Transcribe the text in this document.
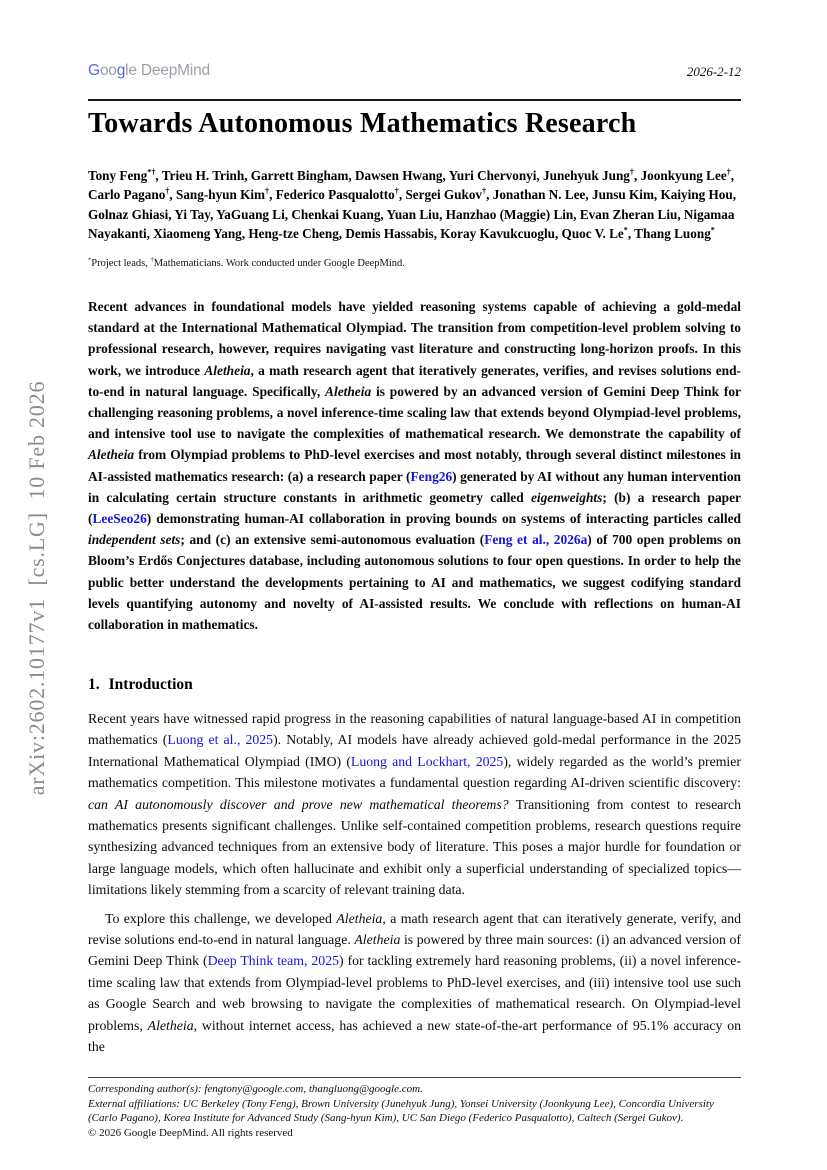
arXiv:2602.10177v1  [cs.LG]  10 Feb 2026
Google DeepMind	2026-2-12
Towards Autonomous Mathematics Research
Tony Feng*†, Trieu H. Trinh, Garrett Bingham, Dawsen Hwang, Yuri Chervonyi, Junehyuk Jung†, Joonkyung Lee†, Carlo Pagano†, Sang-hyun Kim†, Federico Pasqualotto†, Sergei Gukov†, Jonathan N. Lee, Junsu Kim, Kaiying Hou, Golnaz Ghiasi, Yi Tay, YaGuang Li, Chenkai Kuang, Yuan Liu, Hanzhao (Maggie) Lin, Evan Zheran Liu, Nigamaa Nayakanti, Xiaomeng Yang, Heng-tze Cheng, Demis Hassabis, Koray Kavukcuoglu, Quoc V. Le*, Thang Luong*
*Project leads, †Mathematicians. Work conducted under Google DeepMind.
Recent advances in foundational models have yielded reasoning systems capable of achieving a gold-medal standard at the International Mathematical Olympiad. The transition from competition-level problem solving to professional research, however, requires navigating vast literature and constructing long-horizon proofs. In this work, we introduce Aletheia, a math research agent that iteratively generates, verifies, and revises solutions end-to-end in natural language. Specifically, Aletheia is powered by an advanced version of Gemini Deep Think for challenging reasoning problems, a novel inference-time scaling law that extends beyond Olympiad-level problems, and intensive tool use to navigate the complexities of mathematical research. We demonstrate the capability of Aletheia from Olympiad problems to PhD-level exercises and most notably, through several distinct milestones in AI-assisted mathematics research: (a) a research paper (Feng26) generated by AI without any human intervention in calculating certain structure constants in arithmetic geometry called eigenweights; (b) a research paper (LeeSeo26) demonstrating human-AI collaboration in proving bounds on systems of interacting particles called independent sets; and (c) an extensive semi-autonomous evaluation (Feng et al., 2026a) of 700 open problems on Bloom’s Erdős Conjectures database, including autonomous solutions to four open questions. In order to help the public better understand the developments pertaining to AI and mathematics, we suggest codifying standard levels quantifying autonomy and novelty of AI-assisted results. We conclude with reflections on human-AI collaboration in mathematics.
1. Introduction

Recent years have witnessed rapid progress in the reasoning capabilities of natural language-based AI in competition mathematics (Luong et al., 2025). Notably, AI models have already achieved gold-medal performance in the 2025 International Mathematical Olympiad (IMO) (Luong and Lockhart, 2025), widely regarded as the world’s premier mathematics competition. This milestone motivates a fundamental question regarding AI-driven scientific discovery: can AI autonomously discover and prove new mathematical theorems? Transitioning from contest to research mathematics presents significant challenges. Unlike self-contained competition problems, research questions require synthesizing advanced techniques from an extensive body of literature. This poses a major hurdle for foundation or large language models, which often hallucinate and exhibit only a superficial understanding of specialized topics—limitations likely stemming from a scarcity of relevant training data.

To explore this challenge, we developed Aletheia, a math research agent that can iteratively generate, verify, and revise solutions end-to-end in natural language. Aletheia is powered by three main sources: (i) an advanced version of Gemini Deep Think (Deep Think team, 2025) for tackling extremely hard reasoning problems, (ii) a novel inference-time scaling law that extends from Olympiad-level problems to PhD-level exercises, and (iii) intensive tool use such as Google Search and web browsing to navigate the complexities of mathematical research. On Olympiad-level problems, Aletheia, without internet access, has achieved a new state-of-the-art performance of 95.1% accuracy on the

Corresponding author(s): fengtony@google.com, thangluong@google.com.
External affiliations: UC Berkeley (Tony Feng), Brown University (Junehyuk Jung), Yonsei University (Joonkyung Lee), Concordia University (Carlo Pagano), Korea Institute for Advanced Study (Sang-hyun Kim), UC San Diego (Federico Pasqualotto), Caltech (Sergei Gukov).
© 2026 Google DeepMind. All rights reserved
